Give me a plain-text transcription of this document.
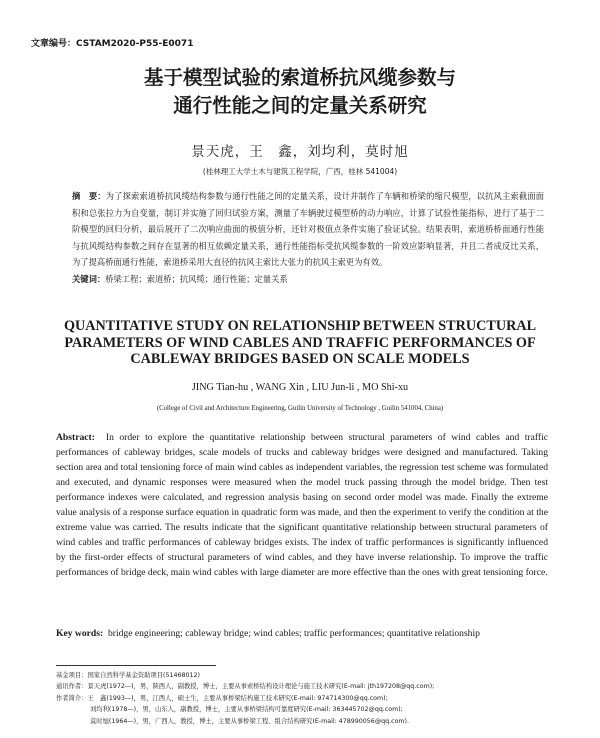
文章编号：CSTAM2020-P55-E0071
基于模型试验的索道桥抗风缆参数与
通行性能之间的定量关系研究
景天虎，王　鑫，刘均利，莫时旭
(桂林理工大学土木与建筑工程学院，广西，桂林 541004)
摘　要：为了探索索道桥抗风缆结构参数与通行性能之间的定量关系，设计并制作了车辆和桥梁的缩尺模型，以抗风主索截面面积和总张拉力为自变量，制订并实施了回归试验方案，测量了车辆驶过模型桥的动力响应，计算了试验性能指标，进行了基于二阶模型的回归分析，最后展开了二次响应曲面的极值分析，还针对极值点条件实施了验证试验。结果表明，索道桥桥面通行性能与抗风缆结构参数之间存在显著的相互依赖定量关系，通行性能指标受抗风缆参数的一阶效应影响显著，并且二者成反比关系，为了提高桥面通行性能，索道桥采用大直径的抗风主索比大张力的抗风主索更为有效。
关键词：桥梁工程；索道桥；抗风缆；通行性能；定量关系
QUANTITATIVE STUDY ON RELATIONSHIP BETWEEN STRUCTURAL
PARAMETERS OF WIND CABLES AND TRAFFIC PERFORMANCES OF
CABLEWAY BRIDGES BASED ON SCALE MODELS
JING Tian-hu , WANG Xin , LIU Jun-li , MO Shi-xu
(College of Civil and Architecture Engineering, Guilin University of Technology , Guilin 541004, China)
Abstract: In order to explore the quantitative relationship between structural parameters of wind cables and traffic performances of cableway bridges, scale models of trucks and cableway bridges were designed and manufactured. Taking section area and total tensioning force of main wind cables as independent variables, the regression test scheme was formulated and executed, and dynamic responses were measured when the model truck passing through the model bridge. Then test performance indexes were calculated, and regression analysis basing on second order model was made. Finally the extreme value analysis of a response surface equation in quadratic form was made, and then the experiment to verify the condition at the extreme value was carried. The results indicate that the significant quantitative relationship between structural parameters of wind cables and traffic performances of cableway bridges exists. The index of traffic performances is significantly influenced by the first-order effects of structural parameters of wind cables, and they have inverse relationship. To improve the traffic performances of bridge deck, main wind cables with large diameter are more effective than the ones with great tensioning force.
Key words: bridge engineering; cableway bridge; wind cables; traffic performances; quantitative relationship
基金项目：国家自然科学基金资助项目(51468012)
通讯作者：景天虎(1972—)，男，陕西人，副教授，博士，主要从事索桥结构设计理论与施工技术研究(E-mail: jth197208@qq.com);
作者简介：王　鑫(1993—)，男，江西人，硕士生，主要从事桥梁结构施工技术研究(E-mail: 974714300@qq.com);
刘均利(1978—)，男，山东人，副教授，博士，主要从事桥梁结构可靠度研究(E-mail: 363445702@qq.com);
莫时旭(1964—)，男，广西人，教授，博士，主要从事桥梁工程、组合结构研究(E-mail: 478990056@qq.com).
